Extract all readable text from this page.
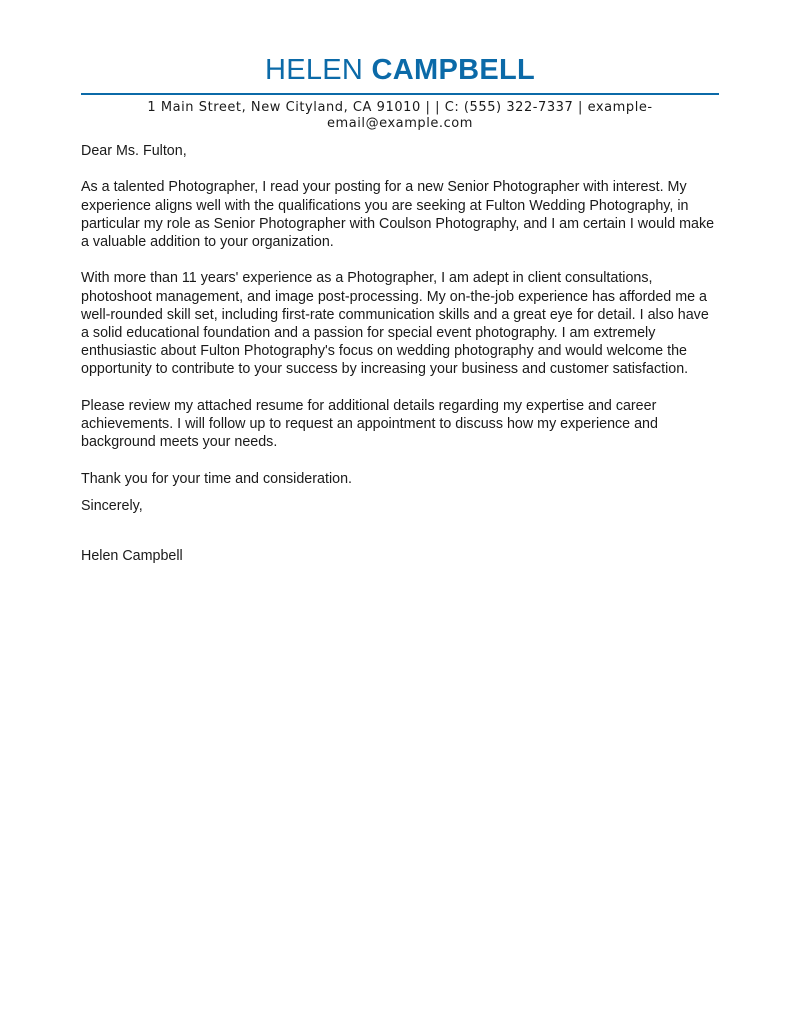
HELEN CAMPBELL
1 Main Street, New Cityland, CA 91010 | | C: (555) 322-7337 | example-email@example.com

Dear Ms. Fulton,

As a talented Photographer, I read your posting for a new Senior Photographer with interest. My experience aligns well with the qualifications you are seeking at Fulton Wedding Photography, in particular my role as Senior Photographer with Coulson Photography, and I am certain I would make a valuable addition to your organization.

With more than 11 years' experience as a Photographer, I am adept in client consultations, photoshoot management, and image post-processing. My on-the-job experience has afforded me a well-rounded skill set, including first-rate communication skills and a great eye for detail. I also have a solid educational foundation and a passion for special event photography. I am extremely enthusiastic about Fulton Photography's focus on wedding photography and would welcome the opportunity to contribute to your success by increasing your business and customer satisfaction.

Please review my attached resume for additional details regarding my expertise and career achievements. I will follow up to request an appointment to discuss how my experience and background meets your needs.

Thank you for your time and consideration.

Sincerely,

Helen Campbell
